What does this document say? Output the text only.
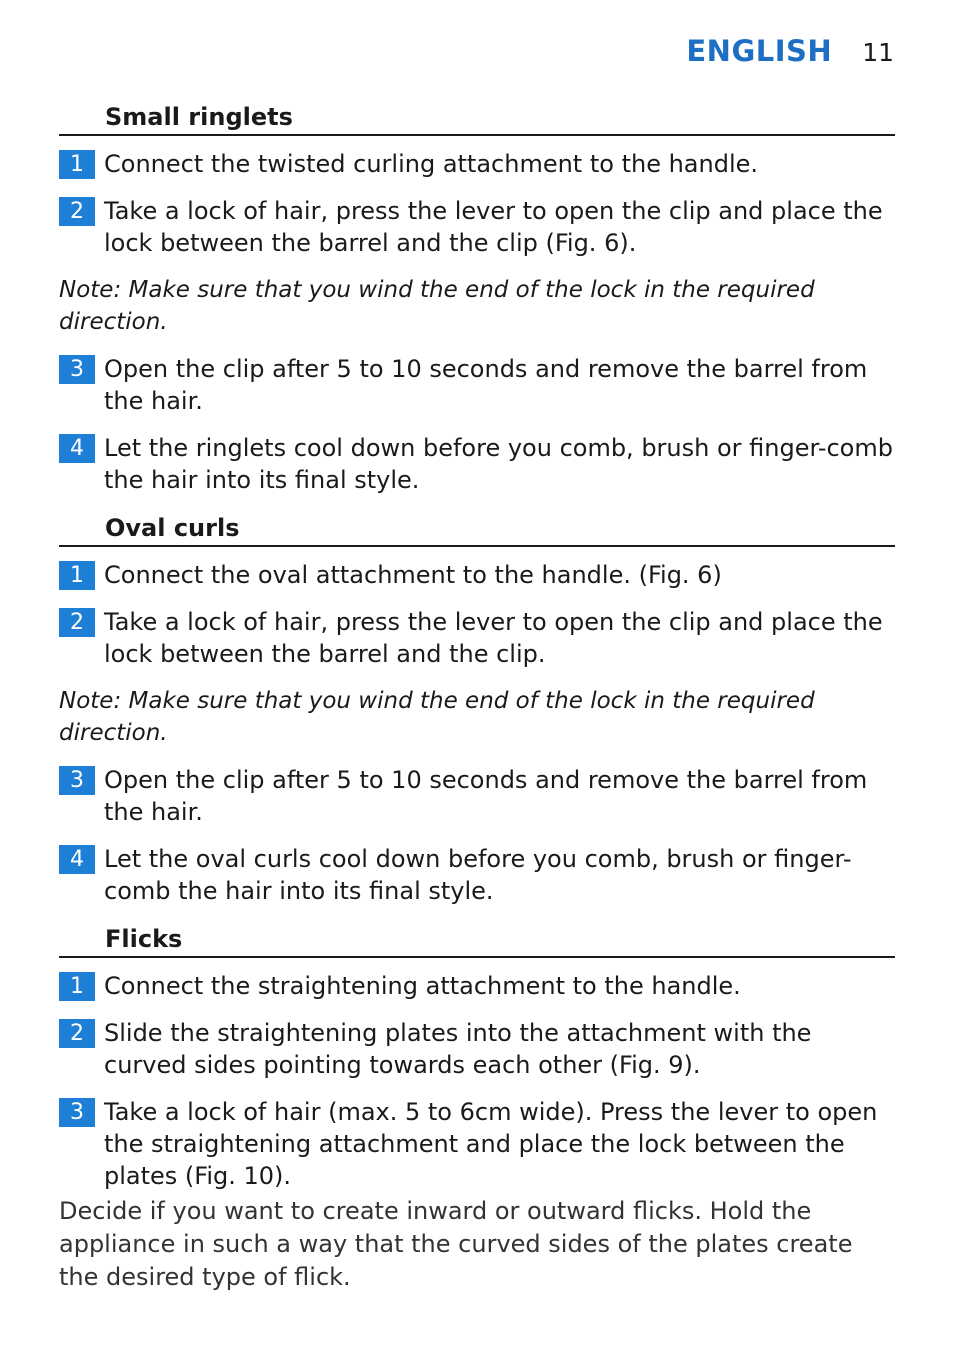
ENGLISH 11
Small ringlets
1 Connect the twisted curling attachment to the handle.
2 Take a lock of hair, press the lever to open the clip and place the lock between the barrel and the clip (Fig. 6).
Note: Make sure that you wind the end of the lock in the required direction.
3 Open the clip after 5 to 10 seconds and remove the barrel from the hair.
4 Let the ringlets cool down before you comb, brush or finger-comb the hair into its final style.
Oval curls
1 Connect the oval attachment to the handle. (Fig. 6)
2 Take a lock of hair, press the lever to open the clip and place the lock between the barrel and the clip.
Note: Make sure that you wind the end of the lock in the required direction.
3 Open the clip after 5 to 10 seconds and remove the barrel from the hair.
4 Let the oval curls cool down before you comb, brush or finger-comb the hair into its final style.
Flicks
1 Connect the straightening attachment to the handle.
2 Slide the straightening plates into the attachment with the curved sides pointing towards each other (Fig. 9).
3 Take a lock of hair (max. 5 to 6cm wide). Press the lever to open the straightening attachment and place the lock between the plates (Fig. 10).
Decide if you want to create inward or outward flicks. Hold the appliance in such a way that the curved sides of the plates create the desired type of flick.
